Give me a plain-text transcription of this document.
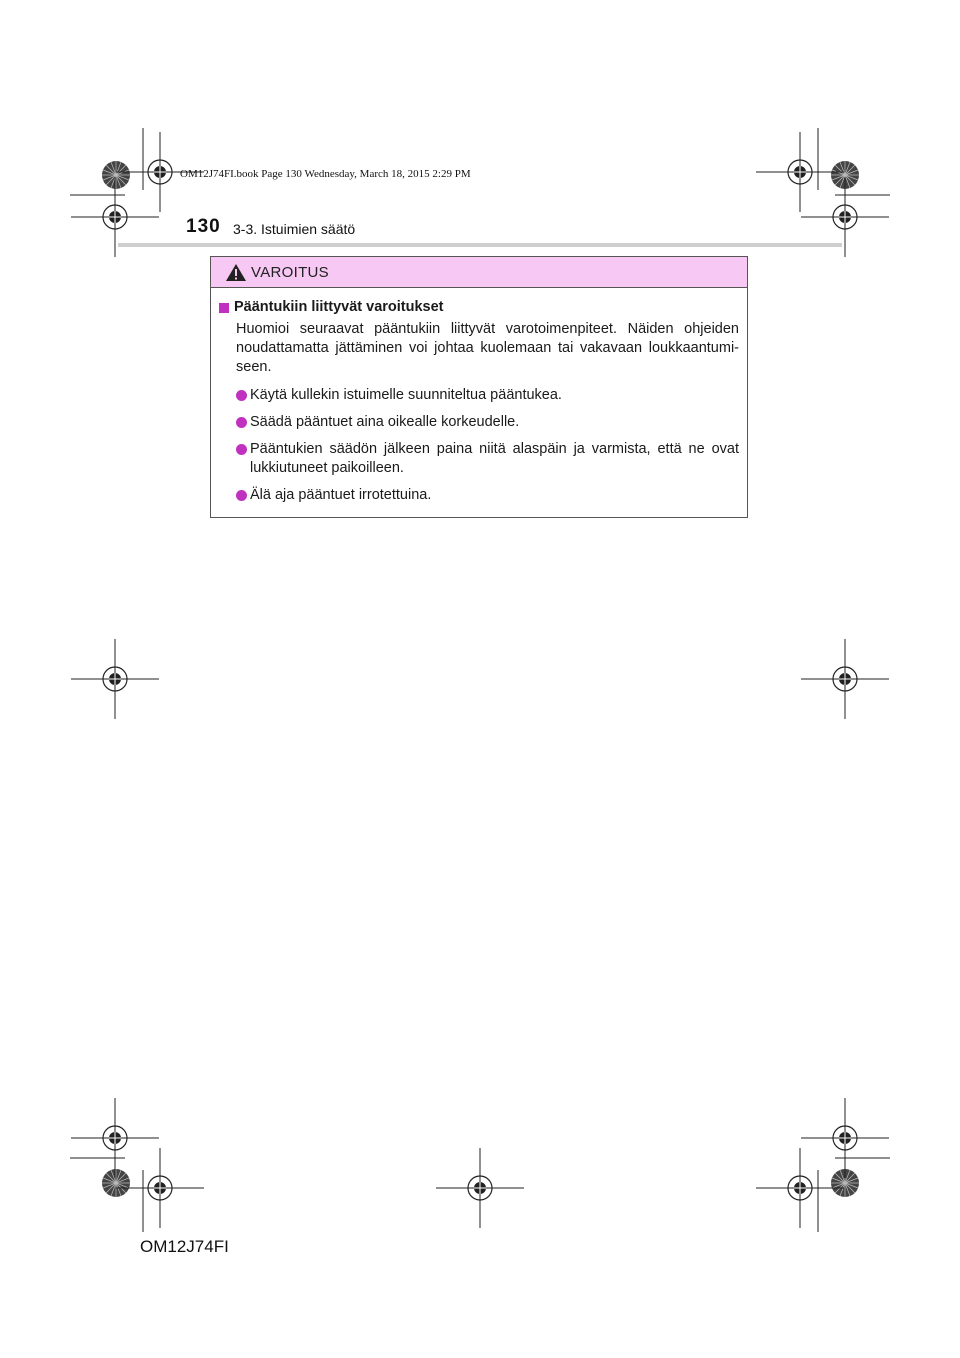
OM12J74FI.book Page 130 Wednesday, March 18, 2015 2:29 PM
130 3-3. Istuimien säätö
VAROITUS
Pääntukiin liittyvät varoitukset
Huomioi seuraavat pääntukiin liittyvät varotoimenpiteet. Näiden ohjeiden noudattamatta jättäminen voi johtaa kuolemaan tai vakavaan loukkaantumi-seen.
Käytä kullekin istuimelle suunniteltua pääntukea.
Säädä pääntuet aina oikealle korkeudelle.
Pääntukien säädön jälkeen paina niitä alaspäin ja varmista, että ne ovat lukkiutuneet paikoilleen.
Älä aja pääntuet irrotettuina.
OM12J74FI
